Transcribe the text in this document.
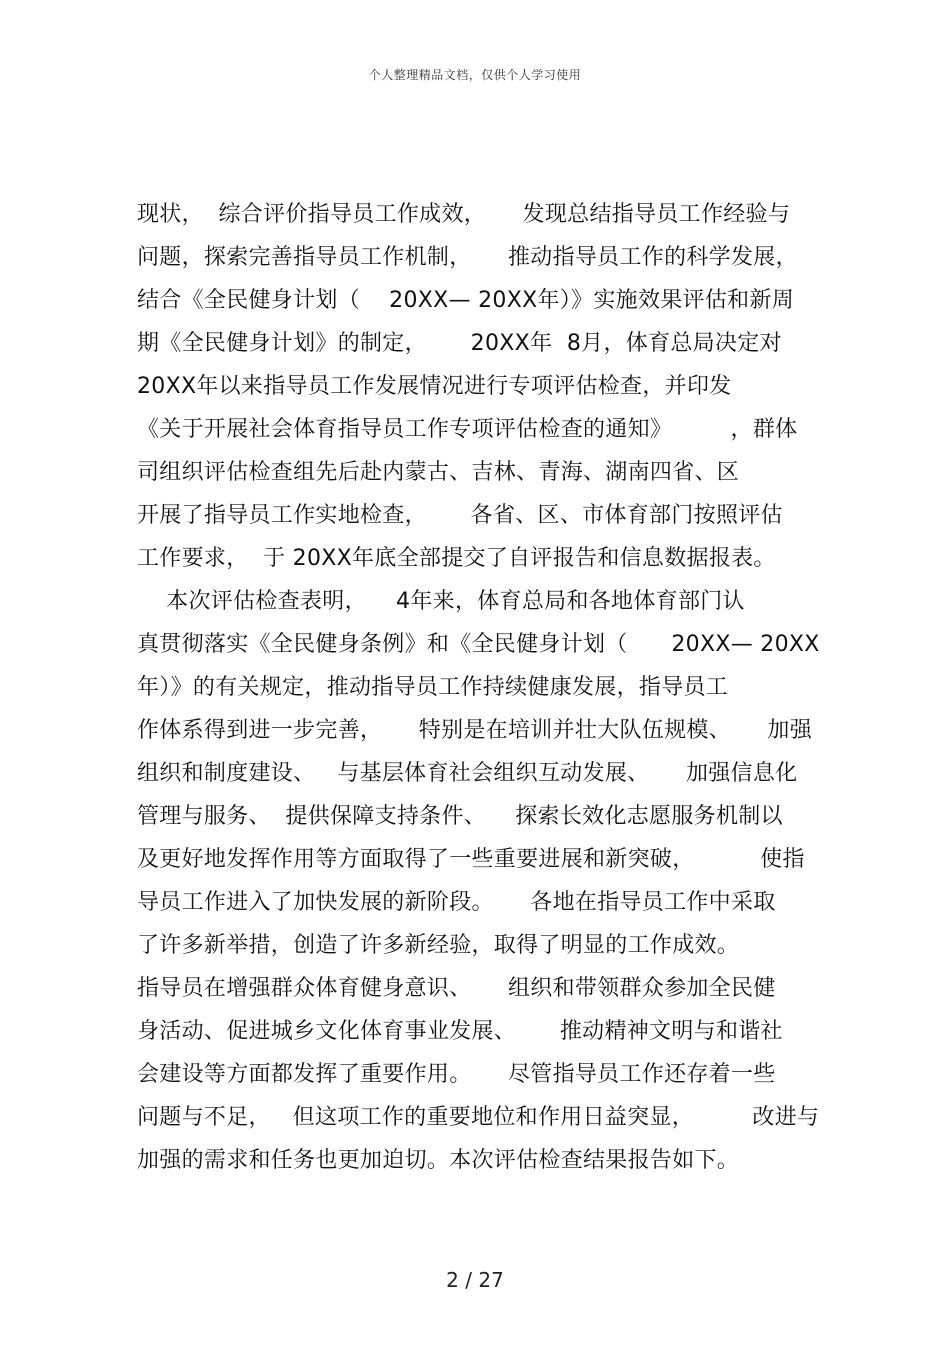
个人整理精品文档，仅供个人学习使用
现状，  综合评价指导员工作成效，     发现总结指导员工作经验与
问题，探索完善指导员工作机制，     推动指导员工作的科学发展，
结合《全民健身计划（    20XX— 20XX年）》实施效果评估和新周
期《全民健身计划》的制定，      20XX年  8月，体育总局决定对
20XX年以来指导员工作发展情况进行专项评估检查，并印发
《关于开展社会体育指导员工作专项评估检查的通知》        ，群体
司组织评估检查组先后赴内蒙古、吉林、青海、湖南四省、区
开展了指导员工作实地检查，      各省、区、市体育部门按照评估
工作要求，  于 20XX年底全部提交了自评报告和信息数据报表。
本次评估检查表明，    4年来，体育总局和各地体育部门认
真贯彻落实《全民健身条例》和《全民健身计划（      20XX— 20XX
年）》的有关规定，推动指导员工作持续健康发展，指导员工
作体系得到进一步完善，     特别是在培训并壮大队伍规模、     加强
组织和制度建设、   与基层体育社会组织互动发展、     加强信息化
管理与服务、  提供保障支持条件、    探索长效化志愿服务机制以
及更好地发挥作用等方面取得了一些重要进展和新突破，         使指
导员工作进入了加快发展的新阶段。     各地在指导员工作中采取
了许多新举措，创造了许多新经验，取得了明显的工作成效。
指导员在增强群众体育健身意识、     组织和带领群众参加全民健
身活动、促进城乡文化体育事业发展、      推动精神文明与和谐社
会建设等方面都发挥了重要作用。     尽管指导员工作还存着一些
问题与不足，   但这项工作的重要地位和作用日益突显，        改进与
加强的需求和任务也更加迫切。本次评估检查结果报告如下。
2 / 27
